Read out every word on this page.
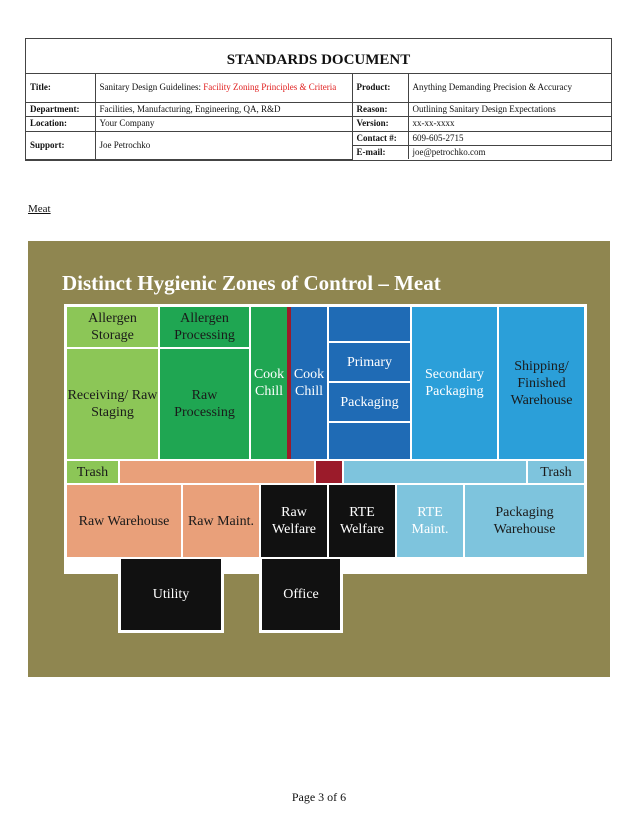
STANDARDS DOCUMENT
Title:	Sanitary Design Guidelines: Facility Zoning Principles & Criteria	Product:	Anything Demanding Precision & Accuracy
Department:	Facilities, Manufacturing, Engineering, QA, R&D	Reason:	Outlining Sanitary Design Expectations
Location:	Your Company	Version:	xx-xx-xxxx
Support:	Joe Petrochko	Contact #:	609-605-2715
		E-mail:	joe@petrochko.com
Meat
Distinct Hygienic Zones of Control – Meat
Allergen Storage
Allergen Processing
Receiving/ Raw Staging
Raw Processing
Cook Chill
Cook Chill
Primary
Packaging
Secondary Packaging
Shipping/ Finished Warehouse
Trash	Trash
Raw Warehouse Raw Maint.
Raw Welfare
RTE Welfare
RTE Maint.
Packaging Warehouse
Utility	Office
Page 3 of 6
